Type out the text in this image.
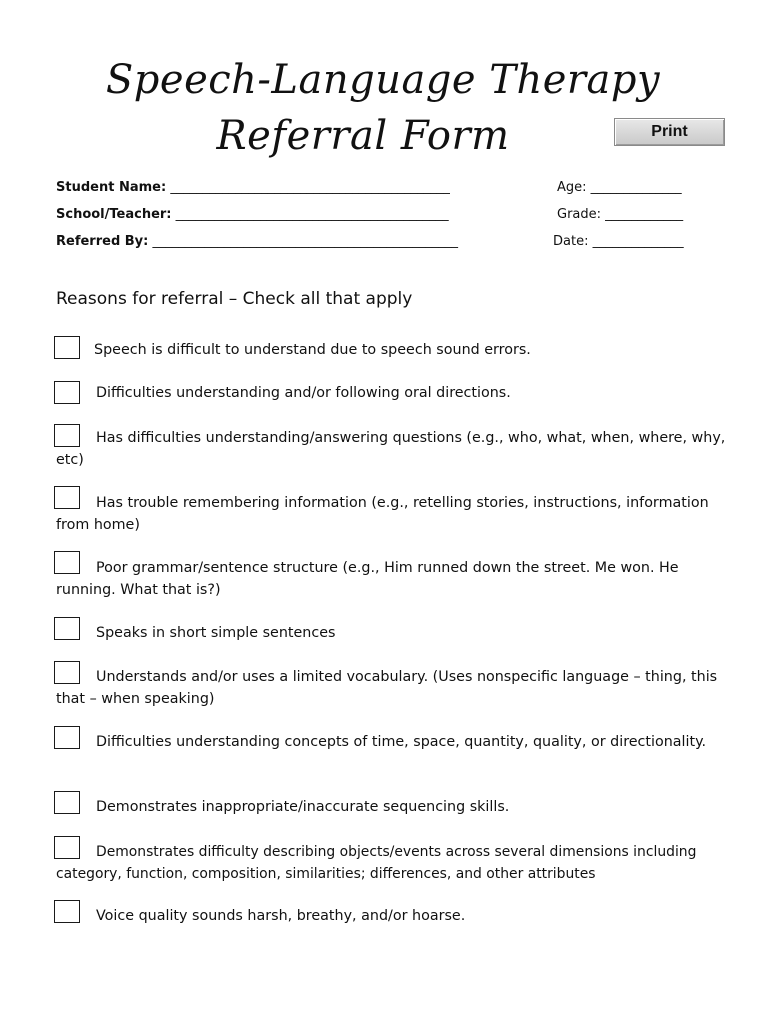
Speech-Language Therapy
Referral Form	Print
Student Name: ___________________________________________	Age: ______________
School/Teacher: __________________________________________	Grade: ____________
Referred By: _______________________________________________	Date: ______________
Reasons for referral – Check all that apply
Speech is difficult to understand due to speech sound errors.
Difficulties understanding and/or following oral directions.
Has difficulties understanding/answering questions (e.g., who, what, when, where, why, etc)
Has trouble remembering information (e.g., retelling stories, instructions, information from home)
Poor grammar/sentence structure (e.g., Him runned down the street. Me won. He running. What that is?)
Speaks in short simple sentences
Understands and/or uses a limited vocabulary. (Uses nonspecific language – thing, this that – when speaking)
Difficulties understanding concepts of time, space, quantity, quality, or directionality.
Demonstrates inappropriate/inaccurate sequencing skills.
Demonstrates difficulty describing objects/events across several dimensions including category, function, composition, similarities; differences, and other attributes
Voice quality sounds harsh, breathy, and/or hoarse.
